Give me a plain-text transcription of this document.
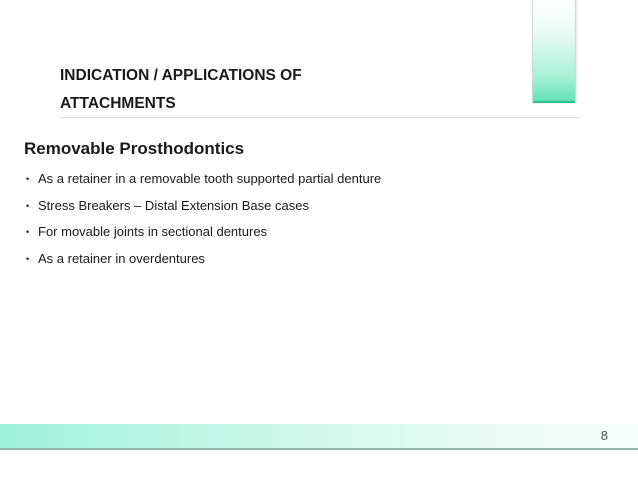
INDICATION / APPLICATIONS OF
ATTACHMENTS
Removable Prosthodontics
• As a retainer in a removable tooth supported partial denture
• Stress Breakers – Distal Extension Base cases
• For movable joints in sectional dentures
• As a retainer in overdentures
8
